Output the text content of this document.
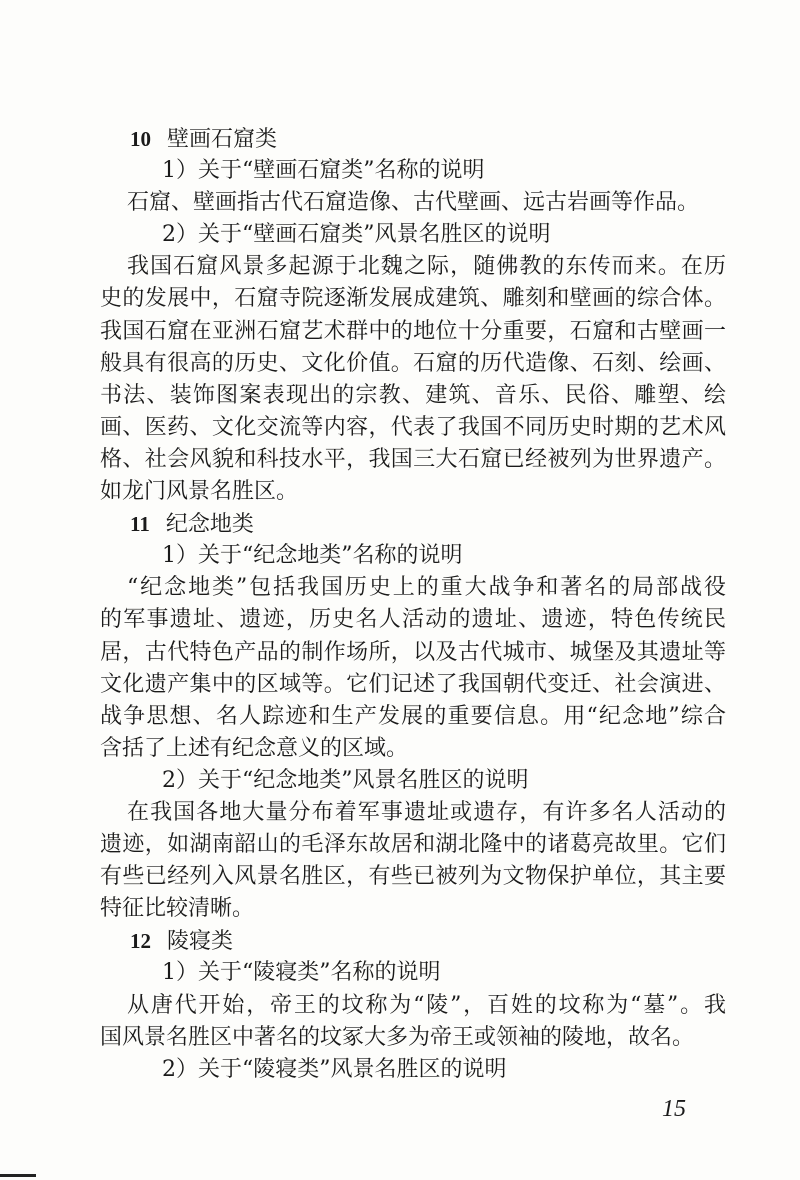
10 壁画石窟类
1）关于“壁画石窟类”名称的说明
石窟、壁画指古代石窟造像、古代壁画、远古岩画等作品。
2）关于“壁画石窟类”风景名胜区的说明
我国石窟风景多起源于北魏之际，随佛教的东传而来。在历
史的发展中，石窟寺院逐渐发展成建筑、雕刻和壁画的综合体。
我国石窟在亚洲石窟艺术群中的地位十分重要，石窟和古壁画一
般具有很高的历史、文化价值。石窟的历代造像、石刻、绘画、
书法、装饰图案表现出的宗教、建筑、音乐、民俗、雕塑、绘
画、医药、文化交流等内容，代表了我国不同历史时期的艺术风
格、社会风貌和科技水平，我国三大石窟已经被列为世界遗产。
如龙门风景名胜区。
11 纪念地类
1）关于“纪念地类”名称的说明
“纪念地类”包括我国历史上的重大战争和著名的局部战役
的军事遗址、遗迹，历史名人活动的遗址、遗迹，特色传统民
居，古代特色产品的制作场所，以及古代城市、城堡及其遗址等
文化遗产集中的区域等。它们记述了我国朝代变迁、社会演进、
战争思想、名人踪迹和生产发展的重要信息。用“纪念地”综合
含括了上述有纪念意义的区域。
2）关于“纪念地类”风景名胜区的说明
在我国各地大量分布着军事遗址或遗存，有许多名人活动的
遗迹，如湖南韶山的毛泽东故居和湖北隆中的诸葛亮故里。它们
有些已经列入风景名胜区，有些已被列为文物保护单位，其主要
特征比较清晰。
12 陵寝类
1）关于“陵寝类”名称的说明
从唐代开始，帝王的坟称为“陵”，百姓的坟称为“墓”。我
国风景名胜区中著名的坟冢大多为帝王或领袖的陵地，故名。
2）关于“陵寝类”风景名胜区的说明
15
